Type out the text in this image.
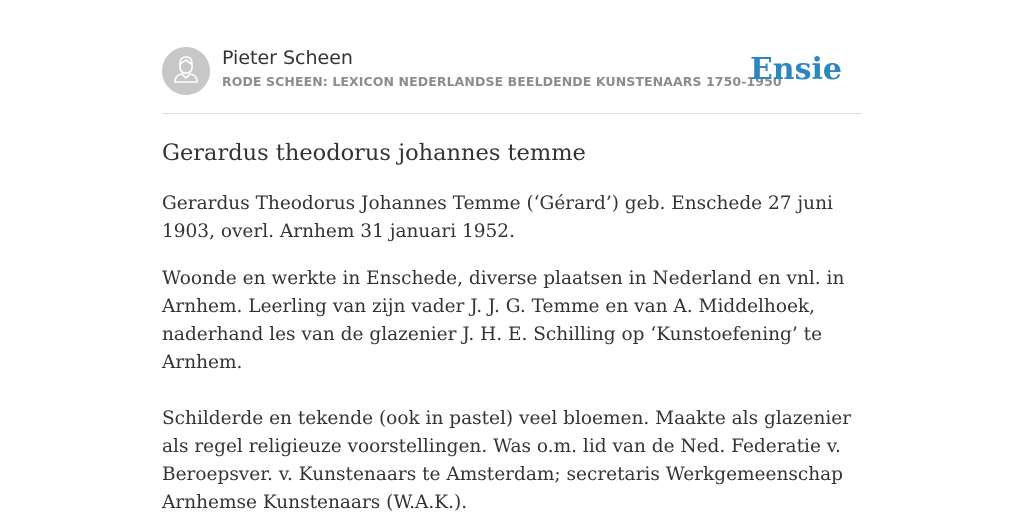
Pieter Scheen
RODE SCHEEN: LEXICON NEDERLANDSE BEELDENDE KUNSTENAARS 1750-1950
Ensie
Gerardus theodorus johannes temme

Gerardus Theodorus Johannes Temme (‘Gérard’) geb. Enschede 27 juni 1903, overl. Arnhem 31 januari 1952.

Woonde en werkte in Enschede, diverse plaatsen in Nederland en vnl. in Arnhem. Leerling van zijn vader J. J. G. Temme en van A. Middelhoek, naderhand les van de glazenier J. H. E. Schilling op ‘Kunstoefening’ te Arnhem.

Schilderde en tekende (ook in pastel) veel bloemen. Maakte als glazenier als regel religieuze voorstellingen. Was o.m. lid van de Ned. Federatie v. Beroepsver. v. Kunstenaars te Amsterdam; secretaris Werkgemeenschap Arnhemse Kunstenaars (W.A.K.).
